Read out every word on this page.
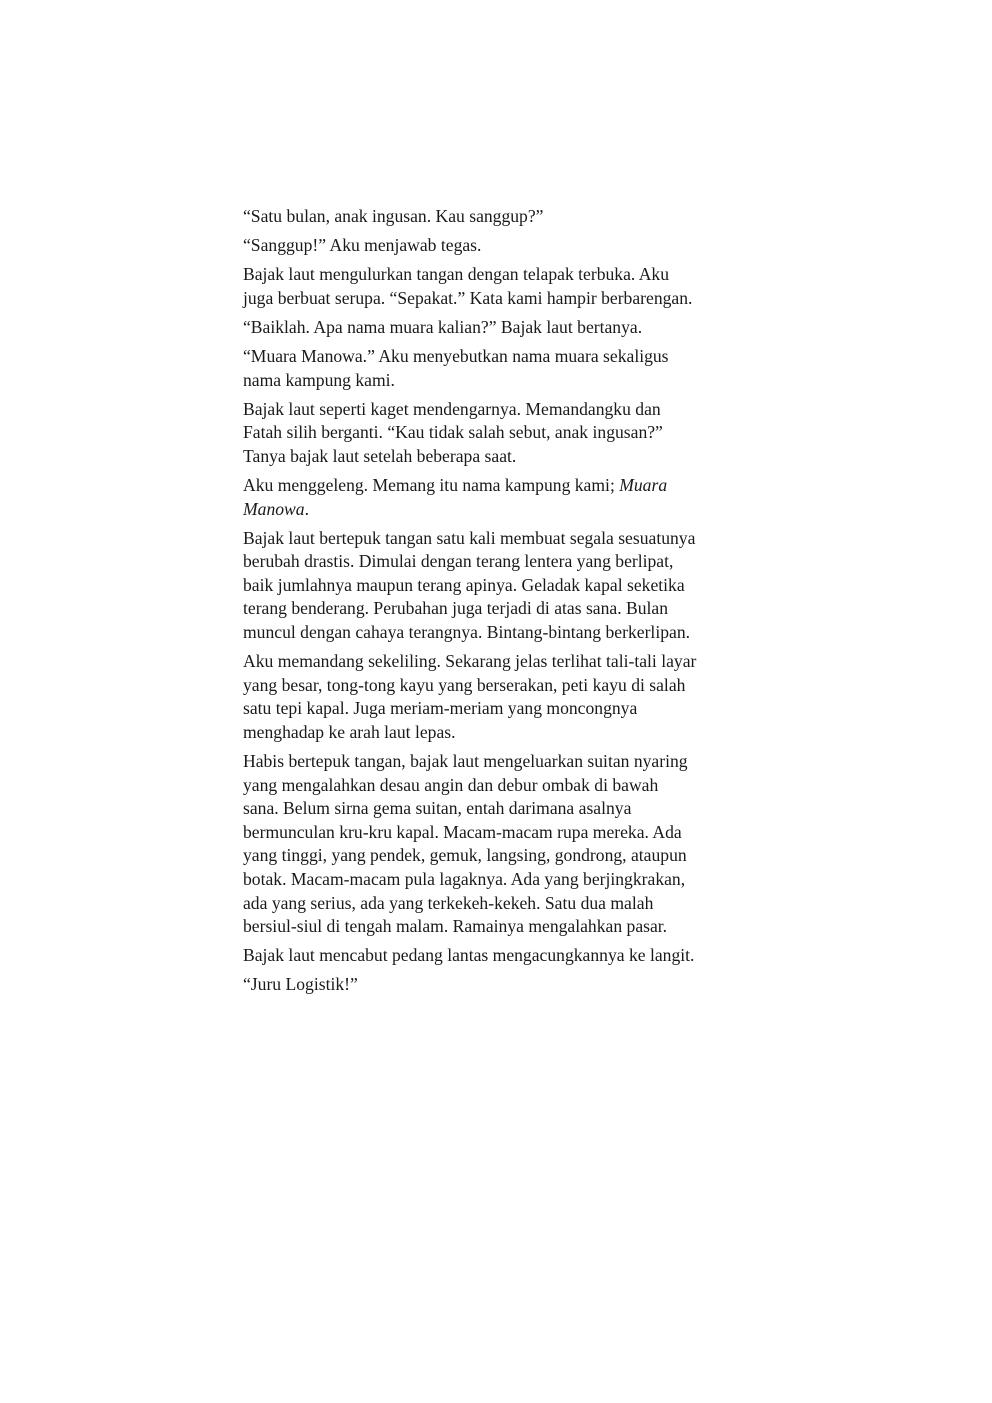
“Satu bulan, anak ingusan. Kau sanggup?”

“Sanggup!” Aku menjawab tegas.

Bajak laut mengulurkan tangan dengan telapak terbuka. Aku
juga berbuat serupa. “Sepakat.” Kata kami hampir berbarengan.

“Baiklah. Apa nama muara kalian?” Bajak laut bertanya.

“Muara Manowa.” Aku menyebutkan nama muara sekaligus
nama kampung kami.

Bajak laut seperti kaget mendengarnya. Memandangku dan
Fatah silih berganti. “Kau tidak salah sebut, anak ingusan?”
Tanya bajak laut setelah beberapa saat.

Aku menggeleng. Memang itu nama kampung kami; Muara
Manowa.

Bajak laut bertepuk tangan satu kali membuat segala sesuatunya
berubah drastis. Dimulai dengan terang lentera yang berlipat,
baik jumlahnya maupun terang apinya. Geladak kapal seketika
terang benderang. Perubahan juga terjadi di atas sana. Bulan
muncul dengan cahaya terangnya. Bintang-bintang berkerlipan.

Aku memandang sekeliling. Sekarang jelas terlihat tali-tali layar
yang besar, tong-tong kayu yang berserakan, peti kayu di salah
satu tepi kapal. Juga meriam-meriam yang moncongnya
menghadap ke arah laut lepas.

Habis bertepuk tangan, bajak laut mengeluarkan suitan nyaring
yang mengalahkan desau angin dan debur ombak di bawah
sana. Belum sirna gema suitan, entah darimana asalnya
bermunculan kru-kru kapal. Macam-macam rupa mereka. Ada
yang tinggi, yang pendek, gemuk, langsing, gondrong, ataupun
botak. Macam-macam pula lagaknya. Ada yang berjingkrakan,
ada yang serius, ada yang terkekeh-kekeh. Satu dua malah
bersiul-siul di tengah malam. Ramainya mengalahkan pasar.

Bajak laut mencabut pedang lantas mengacungkannya ke langit.

“Juru Logistik!”
